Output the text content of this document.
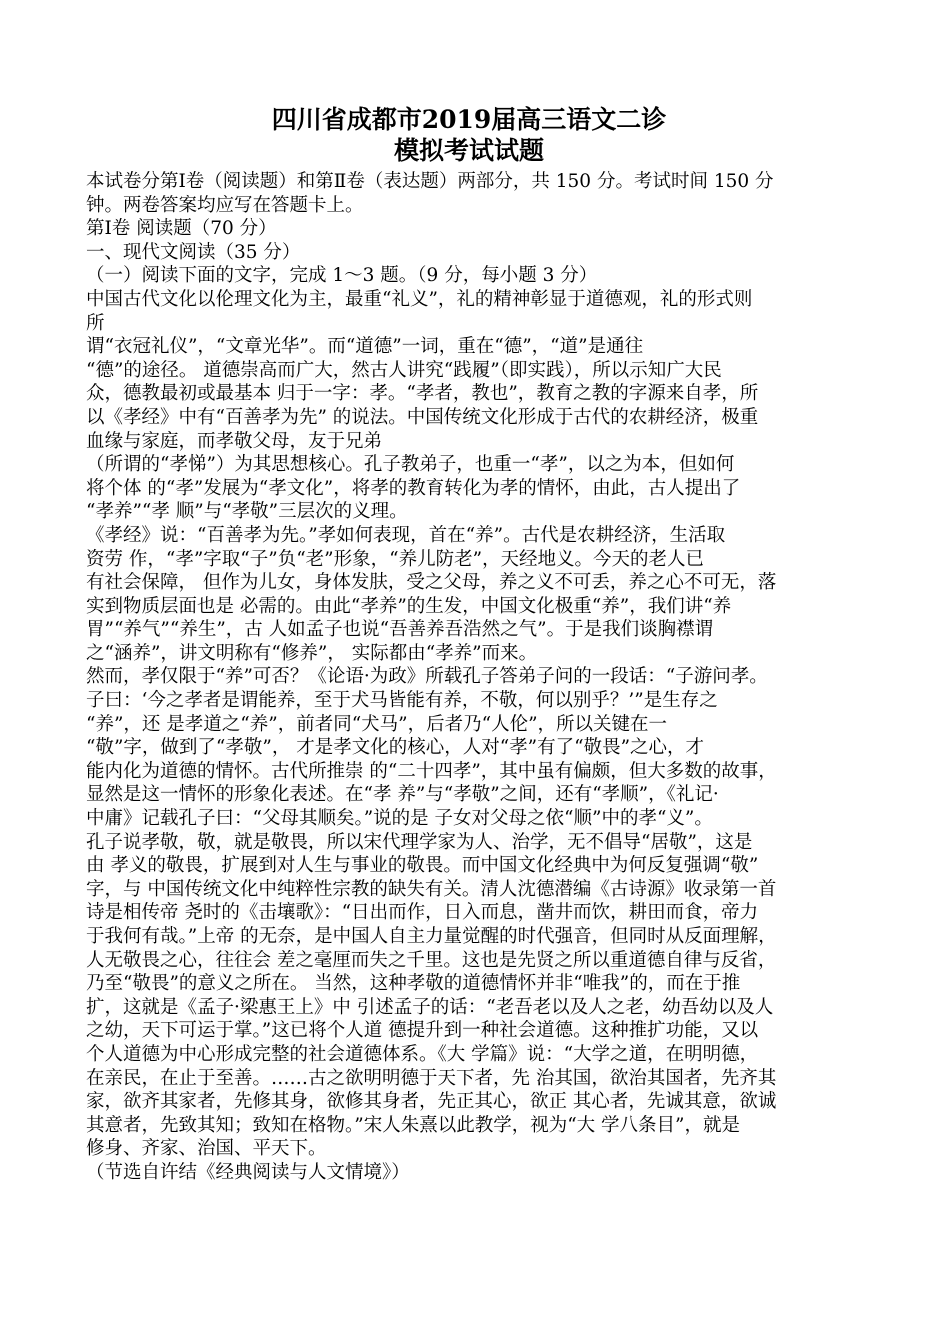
四川省成都市2019届高三语文二诊
模拟考试试题

本试卷分第Ⅰ卷（阅读题）和第Ⅱ卷（表达题）两部分，共 150 分。考试时间 150 分

钟。两卷答案均应写在答题卡上。

第Ⅰ卷 阅读题（70 分）

一、现代文阅读（35 分）

（一）阅读下面的文字，完成 1～3 题。（9 分，每小题 3 分）

中国古代文化以伦理文化为主，最重“礼义”，礼的精神彰显于道德观，礼的形式则

所

谓“衣冠礼仪”，“文章光华”。而“道德”一词，重在“德”，“道”是通往

“德”的途径。 道德崇高而广大，然古人讲究“践履”（即实践），所以示知广大民

众，德教最初或最基本 归于一字：孝。“孝者，教也”，教育之教的字源来自孝，所

以《孝经》中有“百善孝为先” 的说法。中国传统文化形成于古代的农耕经济，极重

血缘与家庭，而孝敬父母，友于兄弟

（所谓的“孝悌”）为其思想核心。孔子教弟子，也重一“孝”，以之为本，但如何

将个体 的“孝”发展为“孝文化”，将孝的教育转化为孝的情怀，由此，古人提出了

“孝养”“孝 顺”与“孝敬”三层次的义理。

《孝经》说：“百善孝为先。”孝如何表现，首在“养”。古代是农耕经济，生活取

资劳 作，“孝”字取“子”负“老”形象，“养儿防老”，天经地义。今天的老人已

有社会保障， 但作为儿女，身体发肤，受之父母，养之义不可丢，养之心不可无，落

实到物质层面也是 必需的。由此“孝养”的生发，中国文化极重“养”，我们讲“养

胃”“养气”“养生”，古 人如孟子也说“吾善养吾浩然之气”。于是我们谈胸襟谓

之“涵养”，讲文明称有“修养”， 实际都由“孝养”而来。

然而，孝仅限于“养”可否？《论语·为政》所载孔子答弟子问的一段话：“子游问孝。

子曰：‘今之孝者是谓能养，至于犬马皆能有养，不敬，何以别乎？’”是生存之

“养”，还 是孝道之“养”，前者同“犬马”，后者乃“人伦”，所以关键在一

“敬”字，做到了“孝敬”， 才是孝文化的核心，人对“孝”有了“敬畏”之心，才

能内化为道德的情怀。古代所推崇 的“二十四孝”，其中虽有偏颇，但大多数的故事，

显然是这一情怀的形象化表述。在“孝 养”与“孝敬”之间，还有“孝顺”，《礼记·

中庸》记载孔子曰：“父母其顺矣。”说的是 子女对父母之依“顺”中的孝“义”。

孔子说孝敬，敬，就是敬畏，所以宋代理学家为人、治学，无不倡导“居敬”，这是

由 孝义的敬畏，扩展到对人生与事业的敬畏。而中国文化经典中为何反复强调“敬”

字，与 中国传统文化中纯粹性宗教的缺失有关。清人沈德潜编《古诗源》收录第一首

诗是相传帝 尧时的《击壤歌》：“日出而作，日入而息，凿井而饮，耕田而食，帝力

于我何有哉。”上帝 的无奈，是中国人自主力量觉醒的时代强音，但同时从反面理解，

人无敬畏之心，往往会 差之毫厘而失之千里。这也是先贤之所以重道德自律与反省，

乃至“敬畏”的意义之所在。 当然，这种孝敬的道德情怀并非“唯我”的，而在于推

扩，这就是《孟子·梁惠王上》中 引述孟子的话：“老吾老以及人之老，幼吾幼以及人

之幼，天下可运于掌。”这已将个人道 德提升到一种社会道德。这种推扩功能，又以

个人道德为中心形成完整的社会道德体系。《大 学篇》说：“大学之道，在明明德，

在亲民，在止于至善。……古之欲明明德于天下者，先 治其国，欲治其国者，先齐其

家，欲齐其家者，先修其身，欲修其身者，先正其心，欲正 其心者，先诚其意，欲诚

其意者，先致其知；致知在格物。”宋人朱熹以此教学，视为“大 学八条目”，就是

修身、齐家、治国、平天下。

（节选自许结《经典阅读与人文情境》）
